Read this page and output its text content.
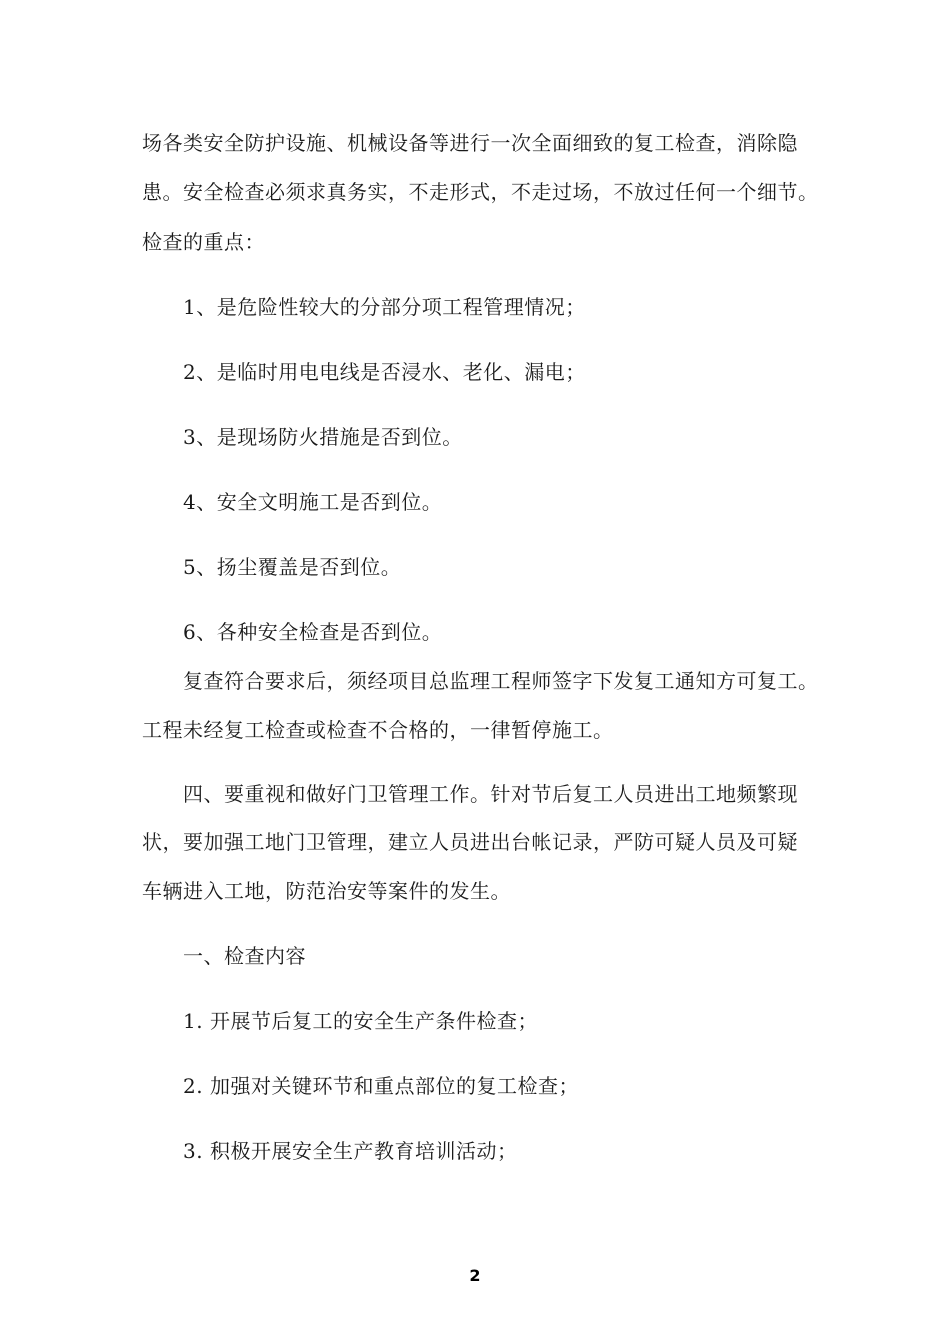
场各类安全防护设施、机械设备等进行一次全面细致的复工检查，消除隐
患。安全检查必须求真务实，不走形式，不走过场，不放过任何一个细节。
检查的重点：
1、是危险性较大的分部分项工程管理情况；
2、是临时用电电线是否浸水、老化、漏电；
3、是现场防火措施是否到位。
4、安全文明施工是否到位。
5、扬尘覆盖是否到位。
6、各种安全检查是否到位。
复查符合要求后，须经项目总监理工程师签字下发复工通知方可复工。
工程未经复工检查或检查不合格的，一律暂停施工。
四、要重视和做好门卫管理工作。针对节后复工人员进出工地频繁现
状，要加强工地门卫管理，建立人员进出台帐记录，严防可疑人员及可疑
车辆进入工地，防范治安等案件的发生。
一、检查内容
1. 开展节后复工的安全生产条件检查；
2. 加强对关键环节和重点部位的复工检查；
3. 积极开展安全生产教育培训活动；
2
